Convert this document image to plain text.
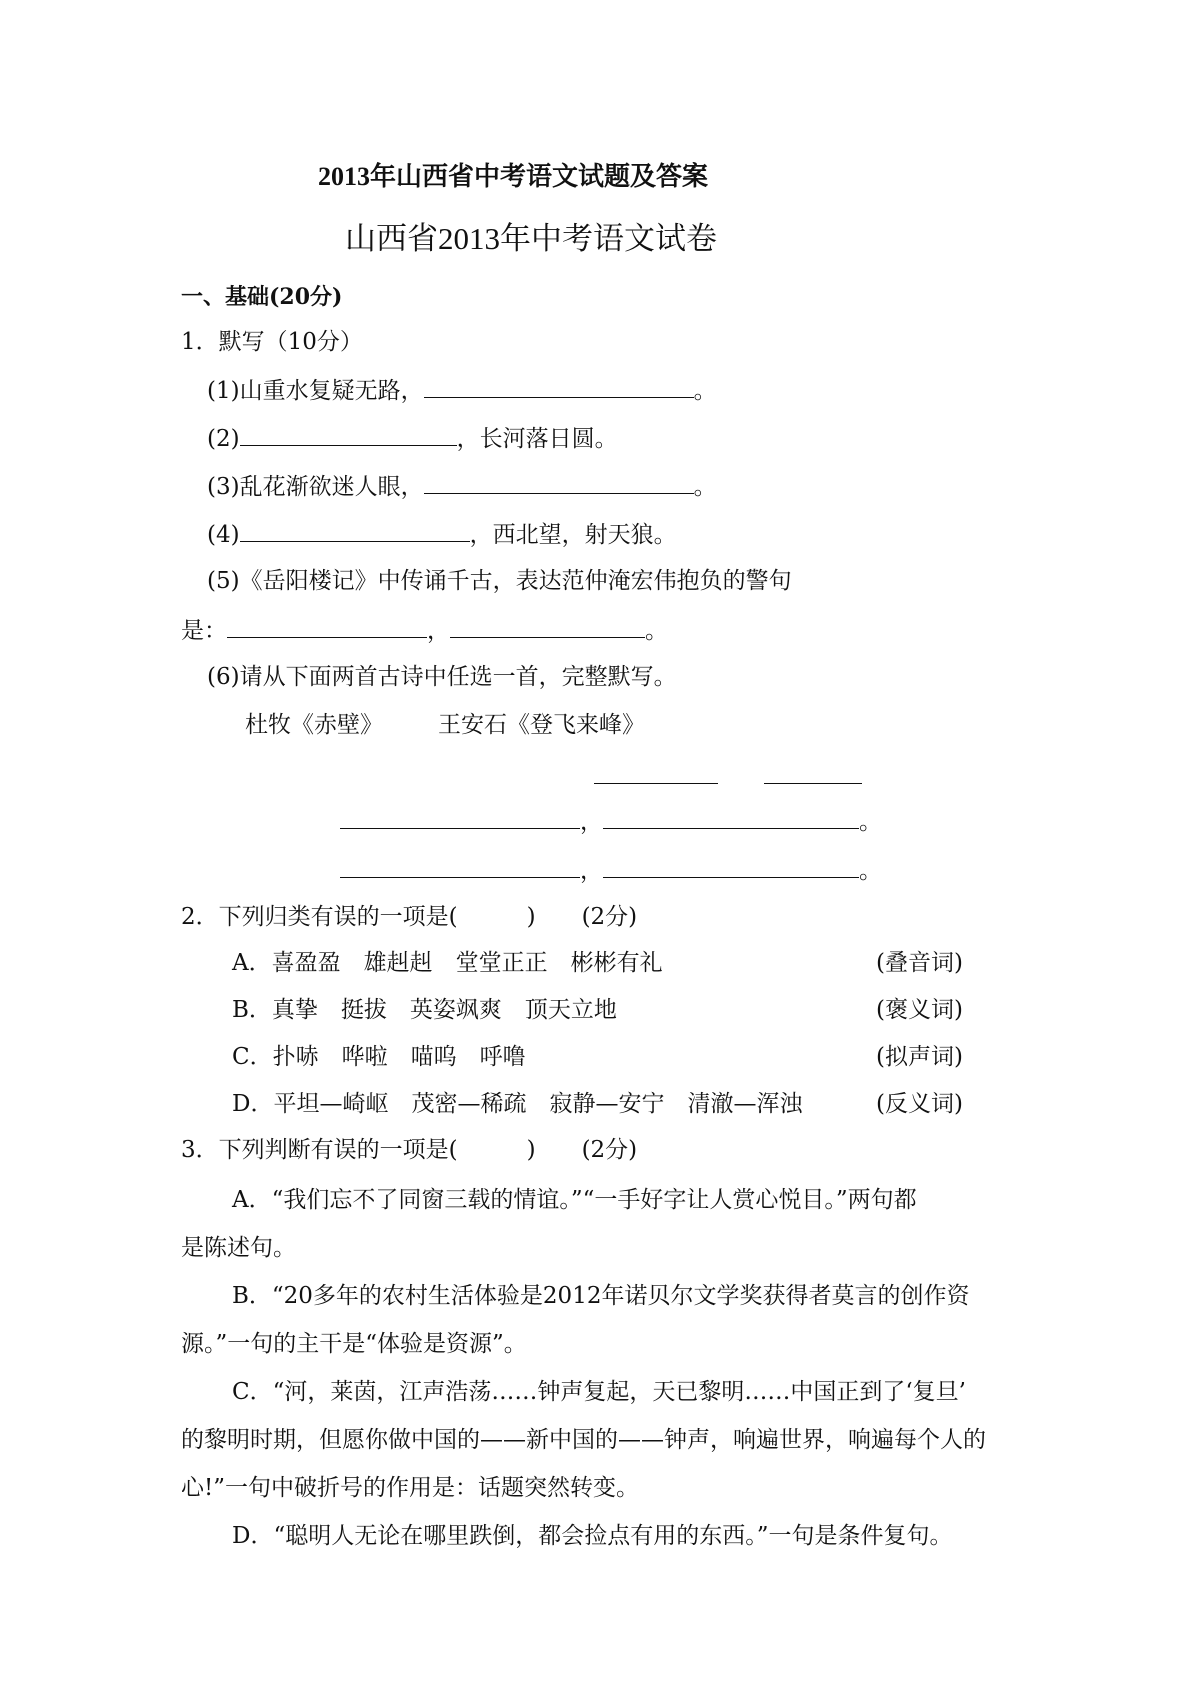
2013年山西省中考语文试题及答案
山西省2013年中考语文试卷
一、基础(20分)
1．默写（10分）
(1)山重水复疑无路，	。
(2)	，长河落日圆。
(3)乱花渐欲迷人眼，	。
(4)	，西北望，射天狼。
(5)《岳阳楼记》中传诵千古，表达范仲淹宏伟抱负的警句
是：	，	。
(6)请从下面两首古诗中任选一首，完整默写。
杜牧《赤壁》 王安石《登飞来峰》
，	。
，	。
2．下列归类有误的一项是(　　　)　　(2分)
A．喜盈盈　雄赳赳　堂堂正正　彬彬有礼	(叠音词)
B．真挚　挺拔　英姿飒爽　顶天立地	(褒义词)
C．扑哧　哗啦　喵呜　呼噜	(拟声词)
D．平坦—崎岖　茂密—稀疏　寂静—安宁　清澈—浑浊	(反义词)
3．下列判断有误的一项是(　　　)　　(2分)
A．“我们忘不了同窗三载的情谊。”“一手好字让人赏心悦目。”两句都
是陈述句。
B．“20多年的农村生活体验是2012年诺贝尔文学奖获得者莫言的创作资
源。”一句的主干是“体验是资源”。
C．“河，莱茵，江声浩荡……钟声复起，天已黎明……中国正到了‘复旦’
的黎明时期，但愿你做中国的——新中国的——钟声，响遍世界，响遍每个人的
心!”一句中破折号的作用是：话题突然转变。
D．“聪明人无论在哪里跌倒，都会捡点有用的东西。”一句是条件复句。
